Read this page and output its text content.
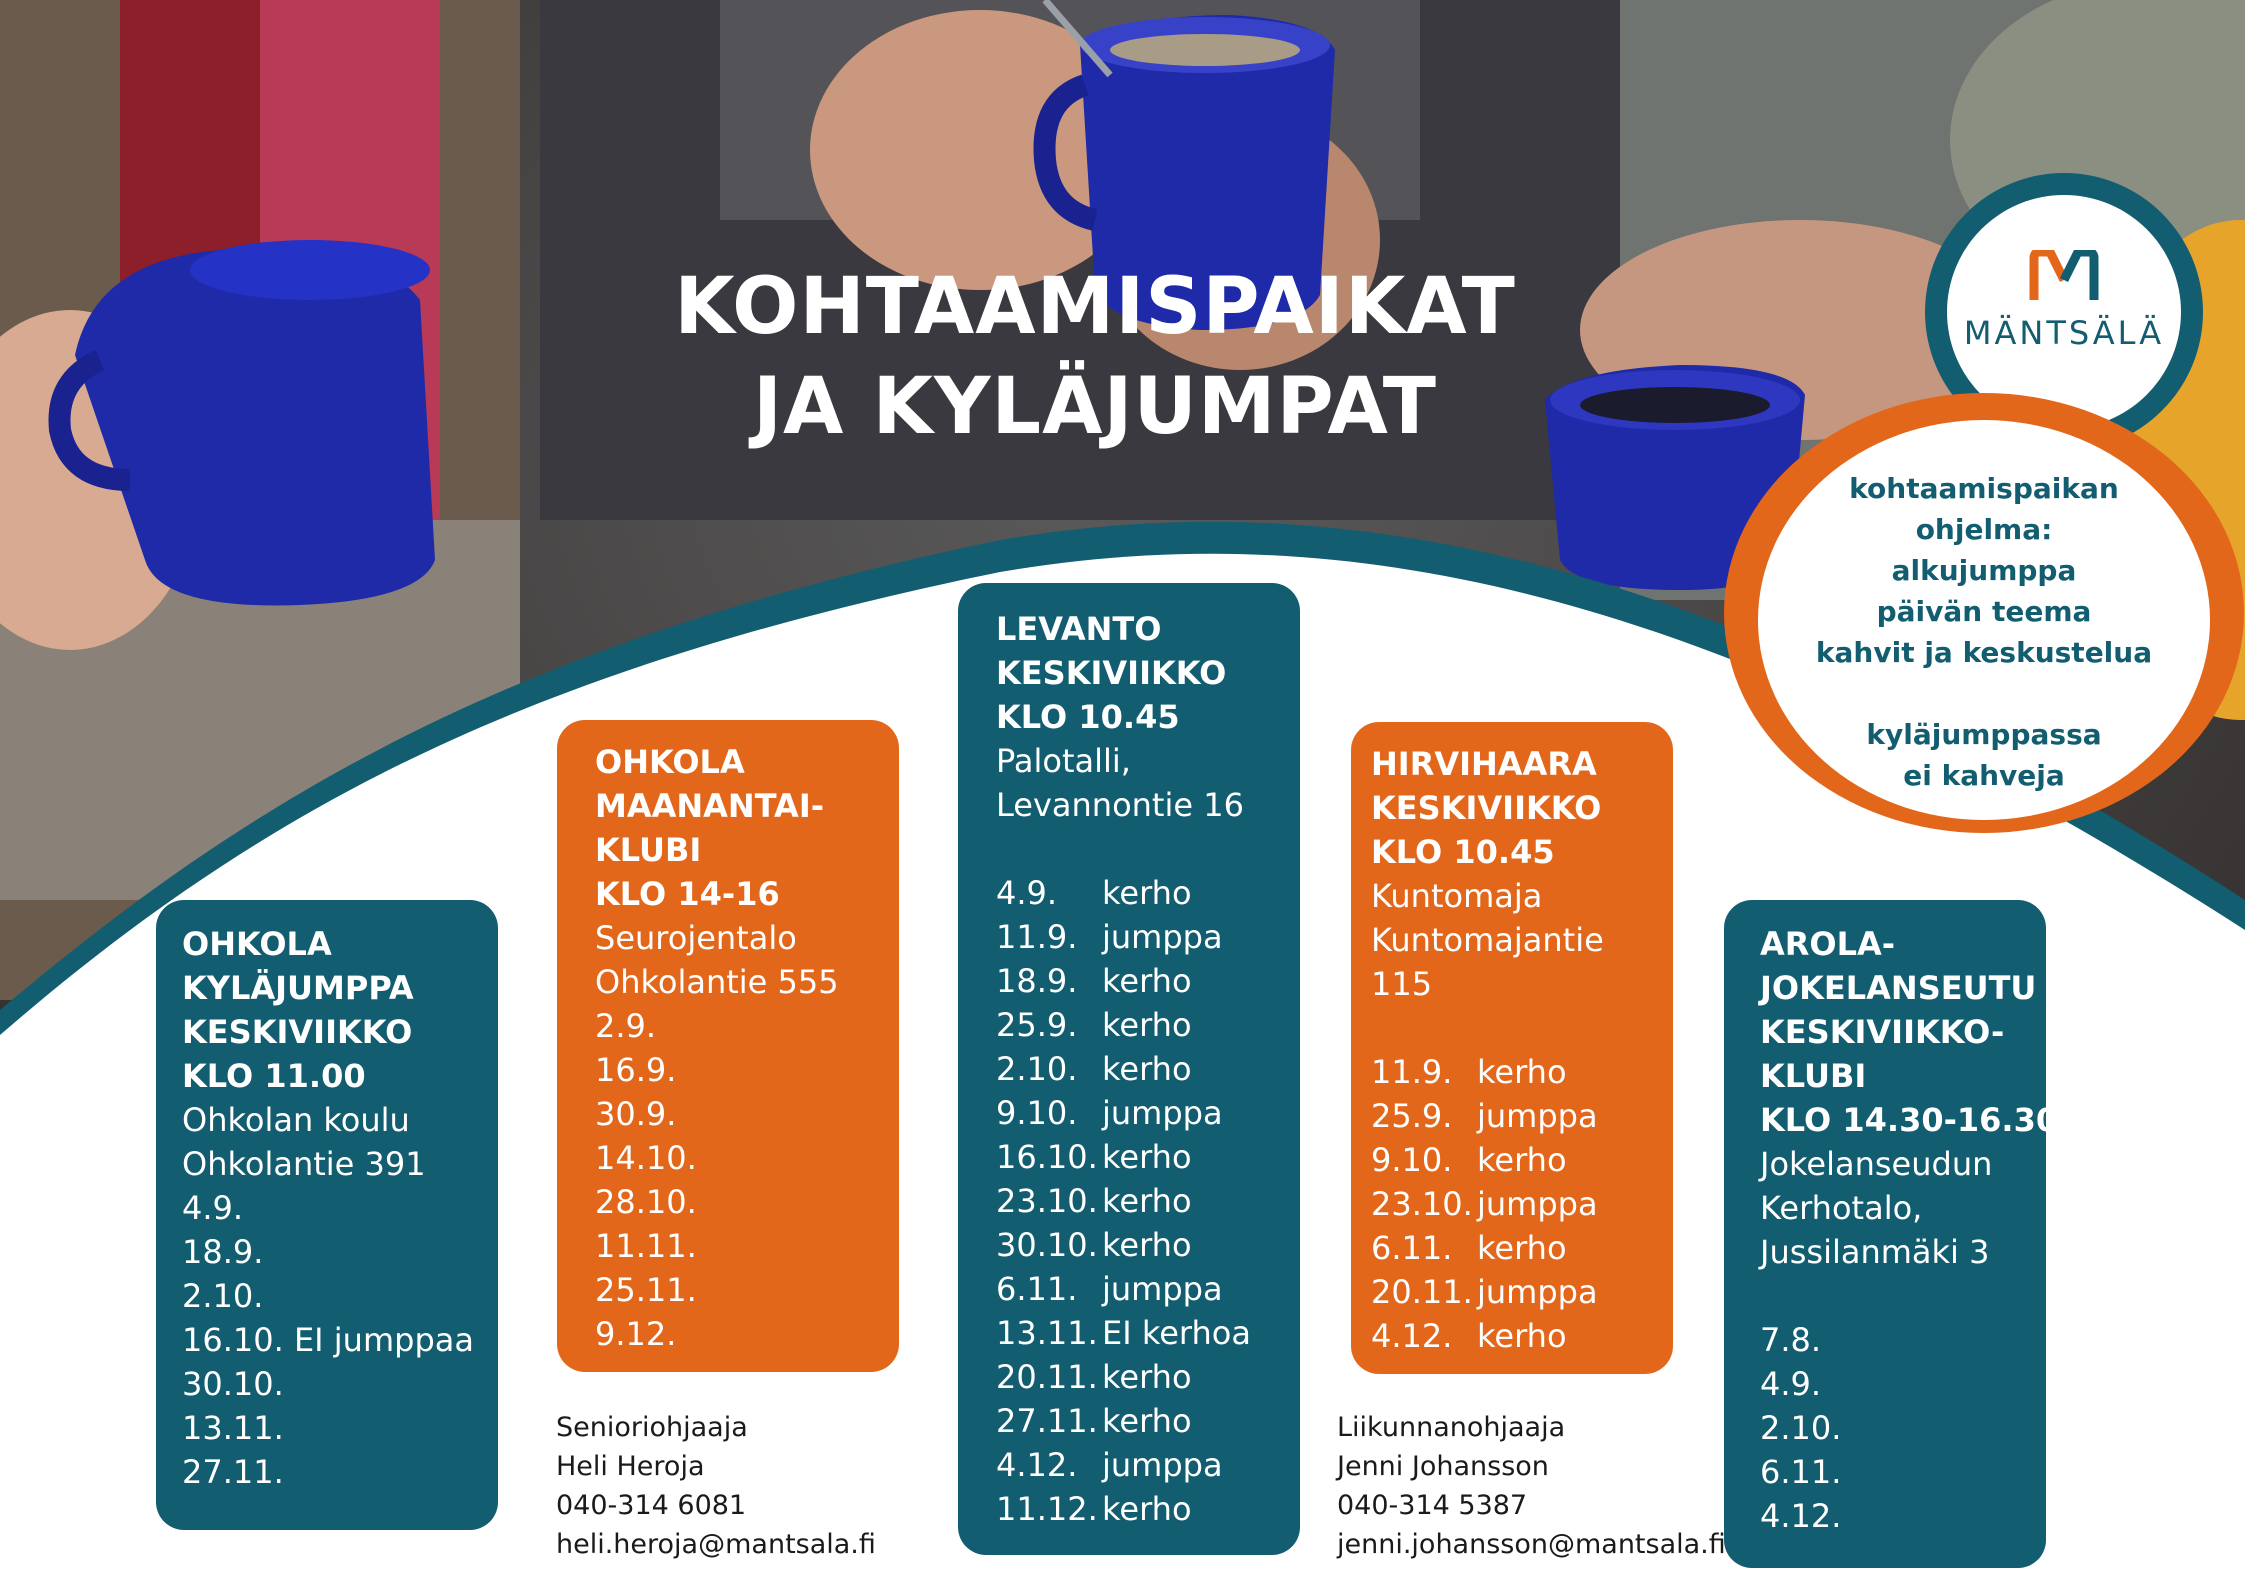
KOHTAAMISPAIKAT
JA KYLÄJUMPAT
MÄNTSÄLÄ
kohtaamispaikan
ohjelma:
alkujumppa
päivän teema
kahvit ja keskustelua
kyläjumppassa
ei kahveja
OHKOLA
KYLÄJUMPPA
KESKIVIIKKO
KLO 11.00
Ohkolan koulu
Ohkolantie 391
4.9.
18.9.
2.10.
16.10. EI jumppaa
30.10.
13.11.
27.11.
OHKOLA
MAANANTAI-
KLUBI
KLO 14-16
Seurojentalo
Ohkolantie 555
2.9.
16.9.
30.9.
14.10.
28.10.
11.11.
25.11.
9.12.
LEVANTO
KESKIVIIKKO
KLO 10.45
Palotalli,
Levannontie 16
4.9. kerho
11.9. jumppa
18.9. kerho
25.9. kerho
2.10. kerho
9.10. jumppa
16.10. kerho
23.10. kerho
30.10. kerho
6.11. jumppa
13.11. EI kerhoa
20.11. kerho
27.11. kerho
4.12. jumppa
11.12. kerho
HIRVIHAARA
KESKIVIIKKO
KLO 10.45
Kuntomaja
Kuntomajantie
115
11.9. kerho
25.9. jumppa
9.10. kerho
23.10. jumppa
6.11. kerho
20.11. jumppa
4.12. kerho
AROLA-
JOKELANSEUTU
KESKIVIIKKO-
KLUBI
KLO 14.30-16.30
Jokelanseudun
Kerhotalo,
Jussilanmäki 3
7.8.
4.9.
2.10.
6.11.
4.12.
Senioriohjaaja
Heli Heroja
040-314 6081
heli.heroja@mantsala.fi
Liikunnanohjaaja
Jenni Johansson
040-314 5387
jenni.johansson@mantsala.fi
